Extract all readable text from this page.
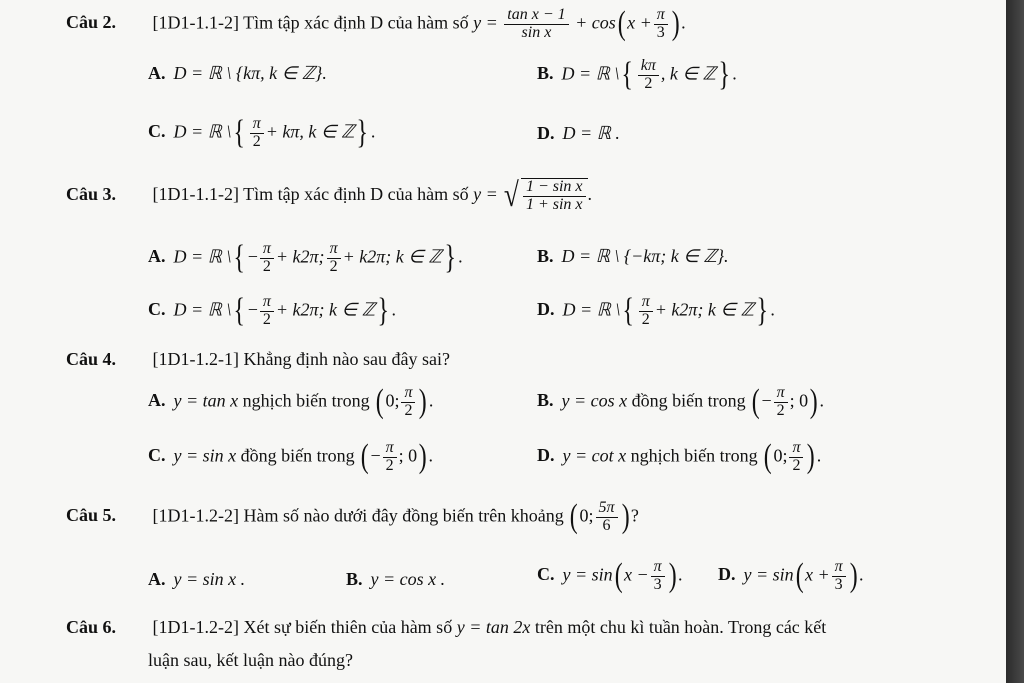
Câu 2. [1D1-1.1-2] Tìm tập xác định D của hàm số $y = \frac{\text{tan x − 1}}{\text{sin x}} + \cos(x + \frac{\pi}{3}$ ).
A. D = ℝ \ {kπ, k ∈ ℤ}.	B. D = ℝ \{ $\frac{k\pi}{2}$ , k ∈ ℤ} .
C. D = ℝ \{ $\frac{\pi}{2} + k\pi$, k ∈ ℤ} .	D. D = ℝ .
Câu 3. [1D1-1.1-2] Tìm tập xác định D của hàm số y = √ $\frac{\text{1 − sin x}}{\text{1 + sin x}}$ .
A. D = ℝ \{ − $\frac{\pi}{2} + k2\pi$; $\frac{\pi}{2} + k2\pi$; k ∈ ℤ} .	B. D = ℝ \ {−kπ; k ∈ ℤ}.
C. D = ℝ \{ − $\frac{\pi}{2} + k2\pi$; k ∈ ℤ} .	D. D = ℝ \{ $\frac{\pi}{2} + k2\pi$; k ∈ ℤ} .
Câu 4. [1D1-1.2-1] Khẳng định nào sau đây sai?
A. y = tan x nghịch biến trong (0; $\frac{\pi}{2}$ ).	B. y = cos x đồng biến trong (− $\frac{\pi}{2}$ ; 0).
C. y = sin x đồng biến trong (− $\frac{\pi}{2}$ ; 0).	D. y = cot x nghịch biến trong (0; $\frac{\pi}{2}$ ).
Câu 5. [1D1-1.2-2] Hàm số nào dưới đây đồng biến trên khoảng (0; $\frac{5\pi}{6}$ )?
A. y = sin x .	B. y = cos x .	C. $y = \sin(x - \frac{\pi}{3}$ ). D. $y = \sin(x + \frac{\pi}{3}$ ).
Câu 6. [1D1-1.2-2] Xét sự biến thiên của hàm số y = tan 2x trên một chu kì tuần hoàn. Trong các kết
luận sau, kết luận nào đúng?
